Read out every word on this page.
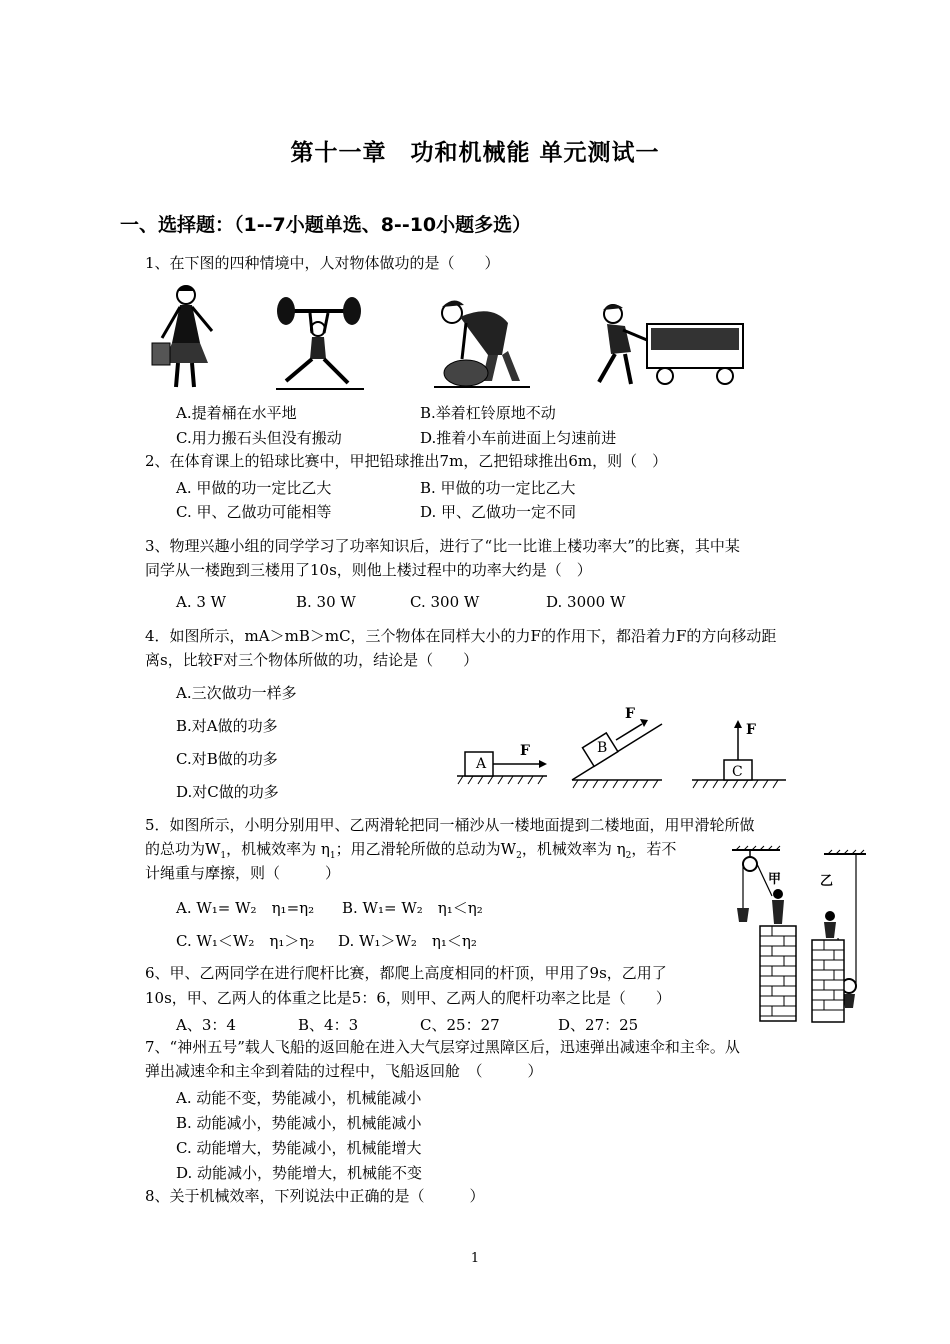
第十一章　功和机械能 单元测试一
一、选择题：（1--7小题单选、8--10小题多选）
1、在下图的四种情境中，人对物体做功的是（　　）
A.提着桶在水平地	B.举着杠铃原地不动
C.用力搬石头但没有搬动	D.推着小车前进面上匀速前进
2、在体育课上的铅球比赛中，甲把铅球推出7m，乙把铅球推出6m，则（　）
A. 甲做的功一定比乙大	B. 甲做的功一定比乙大
C. 甲、乙做功可能相等	D. 甲、乙做功一定不同
3、物理兴趣小组的同学学习了功率知识后，进行了“比一比谁上楼功率大”的比赛，其中某
同学从一楼跑到三楼用了10s，则他上楼过程中的功率大约是（　）
A. 3 W	B. 30 W	C. 300 W	D. 3000 W
4．如图所示，mA＞mB＞mC，三个物体在同样大小的力F的作用下，都沿着力F的方向移动距
离s，比较F对三个物体所做的功，结论是（　　）
A.三次做功一样多
B.对A做的功多
C.对B做的功多
D.对C做的功多
A
F	B
F
C
F
5．如图所示，小明分别用甲、乙两滑轮把同一桶沙从一楼地面提到二楼地面，用甲滑轮所做
的总功为$W_1$，机械效率为 $\eta_1$；用乙滑轮所做的总动为$W_2$，机械效率为 $\eta_2$，若不
计绳重与摩擦，则（　　　）
A. W₁= W₂　η₁=η₂ B. W₁= W₂　η₁＜η₂
C. W₁＜W₂　η₁＞η₂ D. W₁＞W₂　η₁＜η₂
甲	乙
6、甲、乙两同学在进行爬杆比赛，都爬上高度相同的杆顶，甲用了9s，乙用了
10s，甲、乙两人的体重之比是5：6，则甲、乙两人的爬杆功率之比是（　　）
A、3：4	B、4：3	C、25：27	D、27：25
7、“神州五号”载人飞船的返回舱在进入大气层穿过黑障区后，迅速弹出减速伞和主伞。从
弹出减速伞和主伞到着陆的过程中，飞船返回舱　（　　　）
A. 动能不变，势能减小，机械能减小
B. 动能减小，势能减小，机械能减小
C. 动能增大，势能减小，机械能增大
D. 动能减小，势能增大，机械能不变
8、关于机械效率，下列说法中正确的是（　　　）
1
